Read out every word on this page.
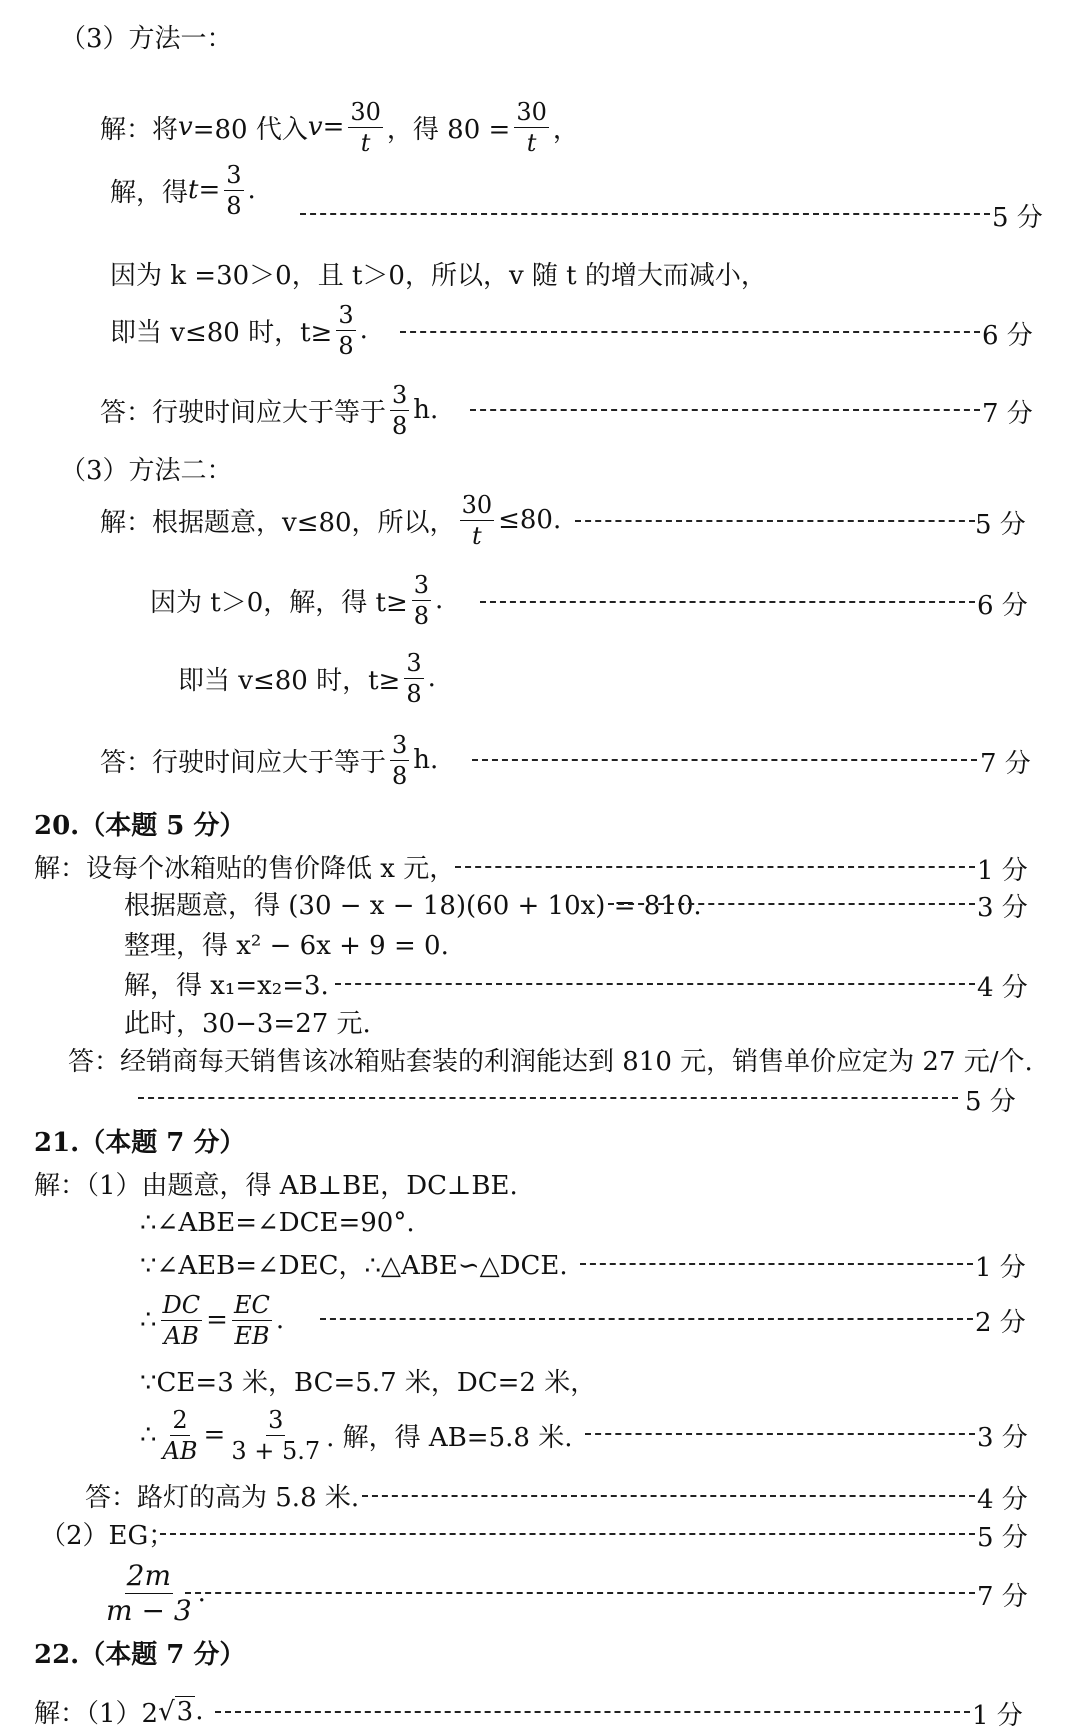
（3）方法一：
解：将 v =80 代入 $v = \frac{30}{t}$ ，得 $80 = \frac{30}{t}$ ，
解，得 $t = \frac{3}{8}$ .
5 分
因为 k =30＞0，且 t＞0，所以，v 随 t 的增大而减小，
即当 v≤80 时，$t\ge \frac{3}{8}$ .	6 分
答：行驶时间应大于等于 $\frac{3}{8} h$.	7 分
（3）方法二：
解：根据题意，v≤80，所以， $\frac{30}{t} \le 80$.	5 分
因为 t＞0，解，得 $t\ge \frac{3}{8}$ .	6 分
即当 v≤80 时，$t\ge \frac{3}{8}$ .
答：行驶时间应大于等于 $\frac{3}{8} h$.	7 分
20.（本题 5 分）
解：设每个冰箱贴的售价降低 x 元，	1 分
根据题意，得 (30 − x − 18)(60 + 10x) = 810.	3 分
整理，得 x² − 6x + 9 = 0.
解，得 x₁=x₂=3.	4 分
此时，30−3=27 元.
答：经销商每天销售该冰箱贴套装的利润能达到 810 元，销售单价应定为 27 元/个.
5 分
21.（本题 7 分）
解：（1）由题意，得 AB⊥BE，DC⊥BE.
∴∠ABE=∠DCE=90°.
∵∠AEB=∠DEC，∴△ABE∽△DCE.	1 分
∴ $\frac{DC}{AB} = \frac{EC}{EB}$ .	2 分
∵CE=3 米，BC=5.7 米，DC=2 米，
∴ $\frac{2}{AB} = \frac{3}{3 + 5.7}$ . 解，得 AB=5.8 米.	3 分
答：路灯的高为 5.8 米.	4 分
（2）EG；	5 分
$\frac{2m}{m - 3}$ .	7 分
22.（本题 7 分）
解：（1）2 √ 3 .	1 分
